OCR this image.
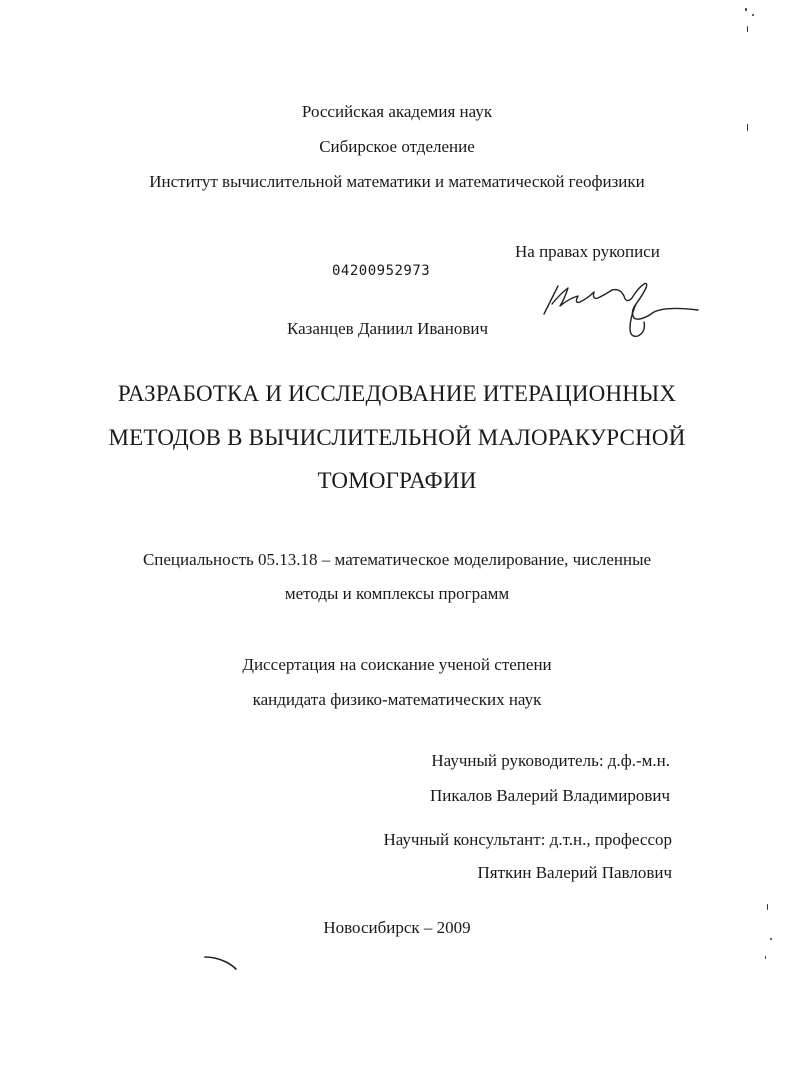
Российская академия наук
Сибирское отделение
Институт вычислительной математики и математической геофизики
На правах рукописи
04200952973
Казанцев Даниил Иванович
РАЗРАБОТКА И ИССЛЕДОВАНИЕ ИТЕРАЦИОННЫХ
МЕТОДОВ В ВЫЧИСЛИТЕЛЬНОЙ МАЛОРАКУРСНОЙ
ТОМОГРАФИИ
Специальность 05.13.18 – математическое моделирование, численные
методы и комплексы программ
Диссертация на соискание ученой степени
кандидата физико-математических наук
Научный руководитель: д.ф.-м.н.
Пикалов Валерий Владимирович
Научный консультант: д.т.н., профессор
Пяткин Валерий Павлович
Новосибирск – 2009
